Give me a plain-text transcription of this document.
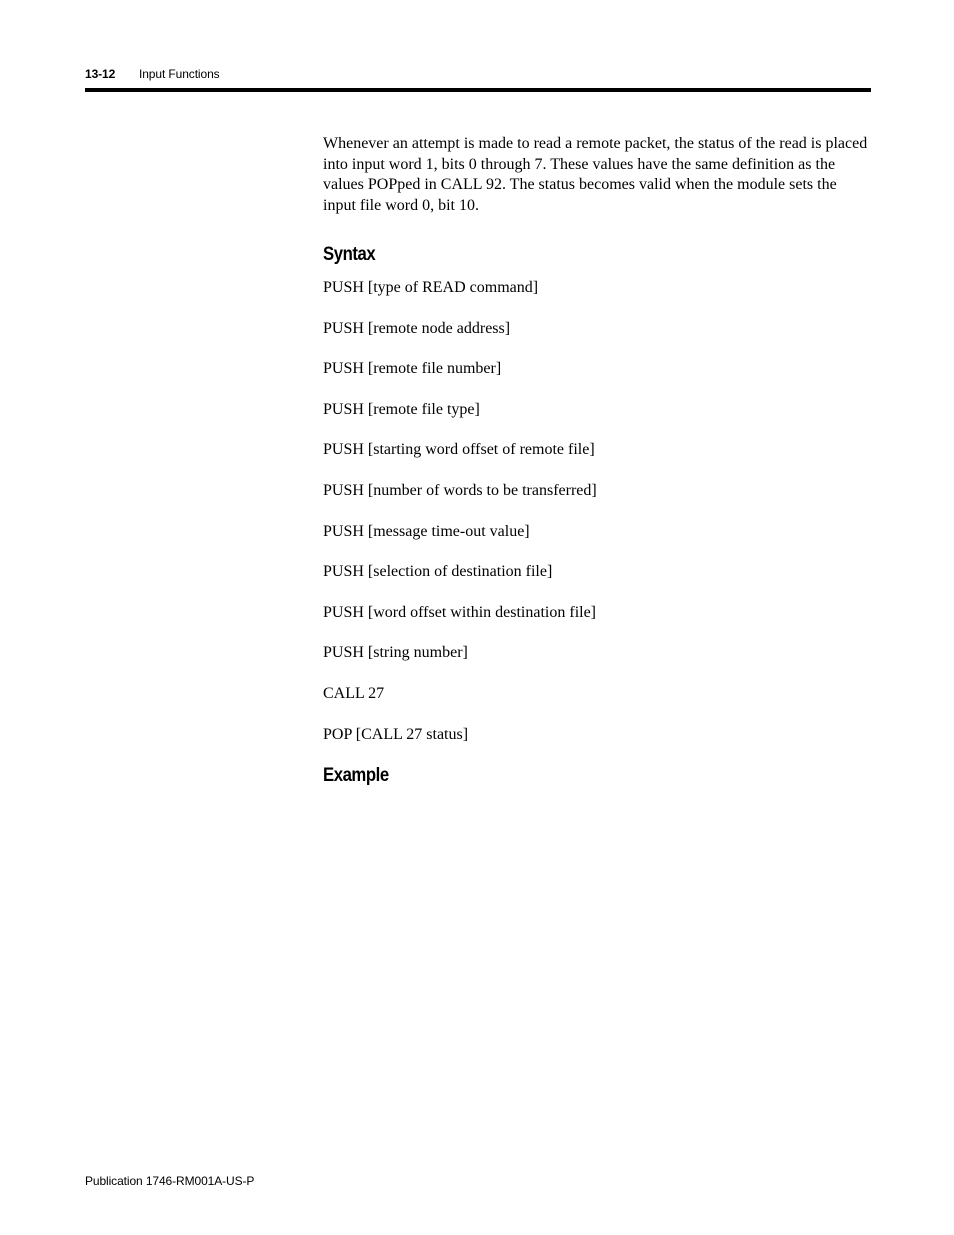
13-12 Input Functions

Whenever an attempt is made to read a remote packet, the status of the read is placed into input word 1, bits 0 through 7. These values have the same definition as the values POPped in CALL 92. The status becomes valid when the module sets the input file word 0, bit 10.

Syntax
PUSH [type of READ command]
PUSH [remote node address]
PUSH [remote file number]
PUSH [remote file type]
PUSH [starting word offset of remote file]
PUSH [number of words to be transferred]
PUSH [message time-out value]
PUSH [selection of destination file]
PUSH [word offset within destination file]
PUSH [string number]
CALL 27
POP [CALL 27 status]
Example
Publication 1746-RM001A-US-P
